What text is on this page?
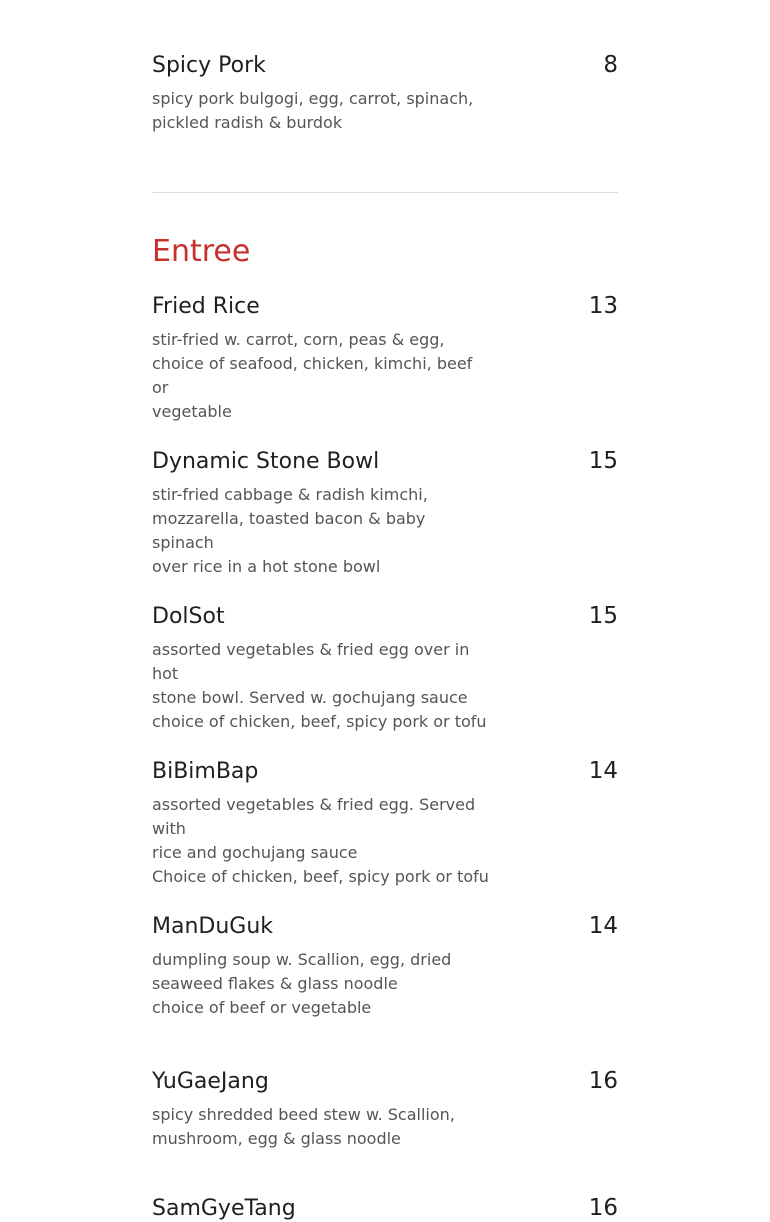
Spicy Pork	8
spicy pork bulgogi, egg, carrot, spinach,
pickled radish & burdok
Entree
Fried Rice	13
stir-fried w. carrot, corn, peas & egg,
choice of seafood, chicken, kimchi, beef or
vegetable
Dynamic Stone Bowl	15
stir-fried cabbage & radish kimchi,
mozzarella, toasted bacon & baby spinach
over rice in a hot stone bowl
DolSot	15
assorted vegetables & fried egg over in hot
stone bowl. Served w. gochujang sauce
choice of chicken, beef, spicy pork or tofu
BiBimBap	14
assorted vegetables & fried egg. Served with
rice and gochujang sauce
Choice of chicken, beef, spicy pork or tofu
ManDuGuk	14
dumpling soup w. Scallion, egg, dried
seaweed flakes & glass noodle
choice of beef or vegetable
YuGaeJang	16
spicy shredded beed stew w. Scallion,
mushroom, egg & glass noodle
SamGyeTang	16
